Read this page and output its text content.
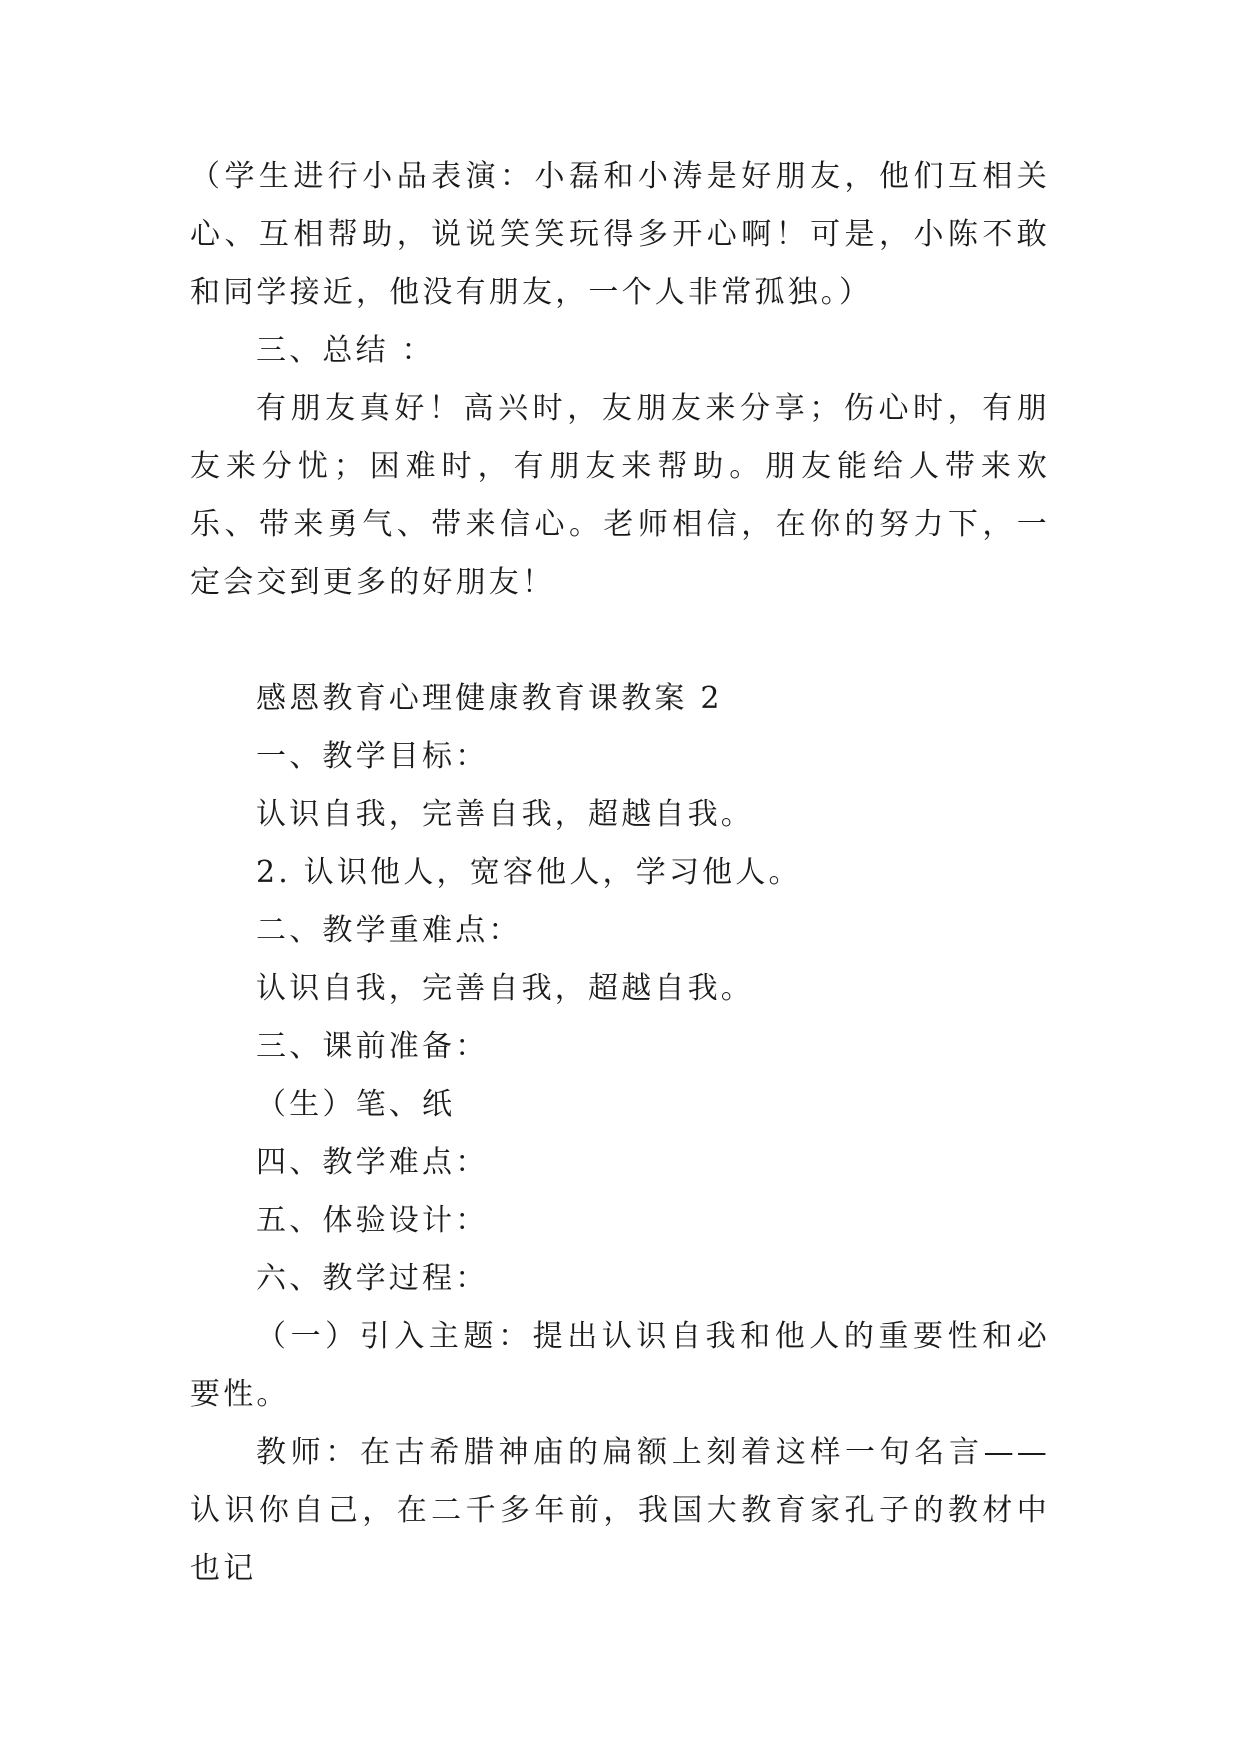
（学生进行小品表演：小磊和小涛是好朋友，他们互相关心、互相帮助，说说笑笑玩得多开心啊！可是，小陈不敢和同学接近，他没有朋友，一个人非常孤独。）

三、总结 ：

有朋友真好！高兴时，友朋友来分享；伤心时，有朋友来分忧；困难时，有朋友来帮助。朋友能给人带来欢乐、带来勇气、带来信心。老师相信，在你的努力下，一定会交到更多的好朋友！

感恩教育心理健康教育课教案 2

一、教学目标：

认识自我，完善自我，超越自我。

2. 认识他人，宽容他人，学习他人。

二、教学重难点：

认识自我，完善自我，超越自我。

三、课前准备：

（生）笔、纸

四、教学难点：

五、体验设计：

六、教学过程：

（一）引入主题：提出认识自我和他人的重要性和必要性。

教师：在古希腊神庙的扁额上刻着这样一句名言——认识你自己，在二千多年前，我国大教育家孔子的教材中也记
